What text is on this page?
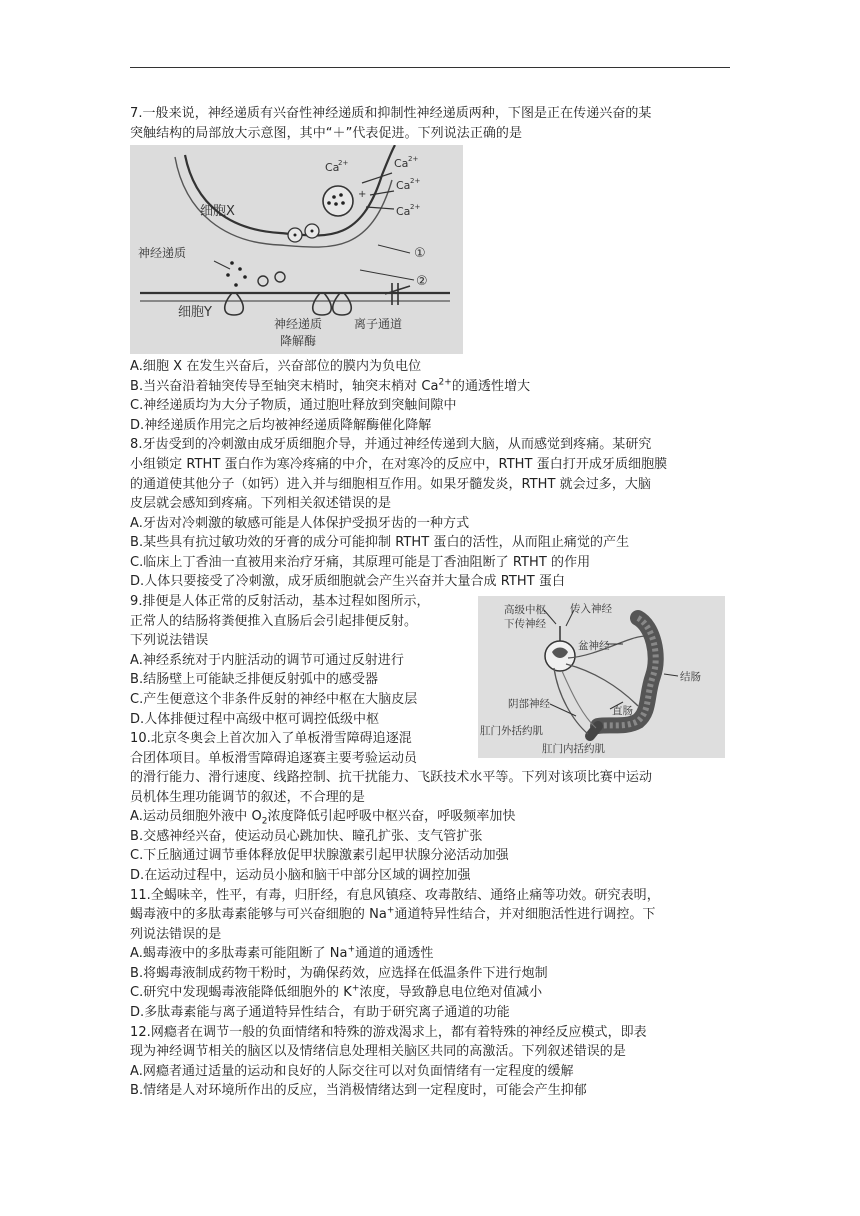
7.一般来说，神经递质有兴奋性神经递质和抑制性神经递质两种，下图是正在传递兴奋的某
突触结构的局部放大示意图，其中“＋”代表促进。下列说法正确的是
细胞X
细胞Y
神经递质
神经递质
降解酶
离子通道
①
②
Ca
2+	Ca 2+
Ca 2+
Ca 2+
+
A.细胞 X 在发生兴奋后，兴奋部位的膜内为负电位
B.当兴奋沿着轴突传导至轴突末梢时，轴突末梢对 $Ca^{2+}$的通透性增大
C.神经递质均为大分子物质，通过胞吐释放到突触间隙中
D.神经递质作用完之后均被神经递质降解酶催化降解
8.牙齿受到的冷刺激由成牙质细胞介导，并通过神经传递到大脑，从而感觉到疼痛。某研究
小组锁定 RTHT 蛋白作为寒冷疼痛的中介，在对寒冷的反应中，RTHT 蛋白打开成牙质细胞膜
的通道使其他分子（如钙）进入并与细胞相互作用。如果牙髓发炎，RTHT 就会过多，大脑
皮层就会感知到疼痛。下列相关叙述错误的是
A.牙齿对冷刺激的敏感可能是人体保护受损牙齿的一种方式
B.某些具有抗过敏功效的牙膏的成分可能抑制 RTHT 蛋白的活性，从而阻止痛觉的产生
C.临床上丁香油一直被用来治疗牙痛，其原理可能是丁香油阻断了 RTHT 的作用
D.人体只要接受了冷刺激，成牙质细胞就会产生兴奋并大量合成 RTHT 蛋白
9.排便是人体正常的反射活动，基本过程如图所示，
正常人的结肠将粪便推入直肠后会引起排便反射。
下列说法错误
A.神经系统对于内脏活动的调节可通过反射进行
B.结肠壁上可能缺乏排便反射弧中的感受器
C.产生便意这个非条件反射的神经中枢在大脑皮层
D.人体排便过程中高级中枢可调控低级中枢
高级中枢
下传神经
传入神经
盆神经
结肠
阴部神经
直肠
肛门外括约肌
肛门内括约肌
10.北京冬奥会上首次加入了单板滑雪障碍追逐混
合团体项目。单板滑雪障碍追逐赛主要考验运动员
的滑行能力、滑行速度、线路控制、抗干扰能力、飞跃技术水平等。下列对该项比赛中运动
员机体生理功能调节的叙述，不合理的是
A.运动员细胞外液中 $O_2$浓度降低引起呼吸中枢兴奋，呼吸频率加快
B.交感神经兴奋，使运动员心跳加快、瞳孔扩张、支气管扩张
C.下丘脑通过调节垂体释放促甲状腺激素引起甲状腺分泌活动加强
D.在运动过程中，运动员小脑和脑干中部分区域的调控加强
11.全蝎味辛，性平，有毒，归肝经，有息风镇痉、攻毒散结、通络止痛等功效。研究表明，
蝎毒液中的多肽毒素能够与可兴奋细胞的 Na+通道特异性结合，并对细胞活性进行调控。下
列说法错误的是
A.蝎毒液中的多肽毒素可能阻断了 Na+通道的通透性
B.将蝎毒液制成药物干粉时，为确保药效，应选择在低温条件下进行炮制
C.研究中发现蝎毒液能降低细胞外的 K+浓度，导致静息电位绝对值减小
D.多肽毒素能与离子通道特异性结合，有助于研究离子通道的功能
12.网瘾者在调节一般的负面情绪和特殊的游戏渴求上，都有着特殊的神经反应模式，即表
现为神经调节相关的脑区以及情绪信息处理相关脑区共同的高激活。下列叙述错误的是
A.网瘾者通过适量的运动和良好的人际交往可以对负面情绪有一定程度的缓解
B.情绪是人对环境所作出的反应，当消极情绪达到一定程度时，可能会产生抑郁
